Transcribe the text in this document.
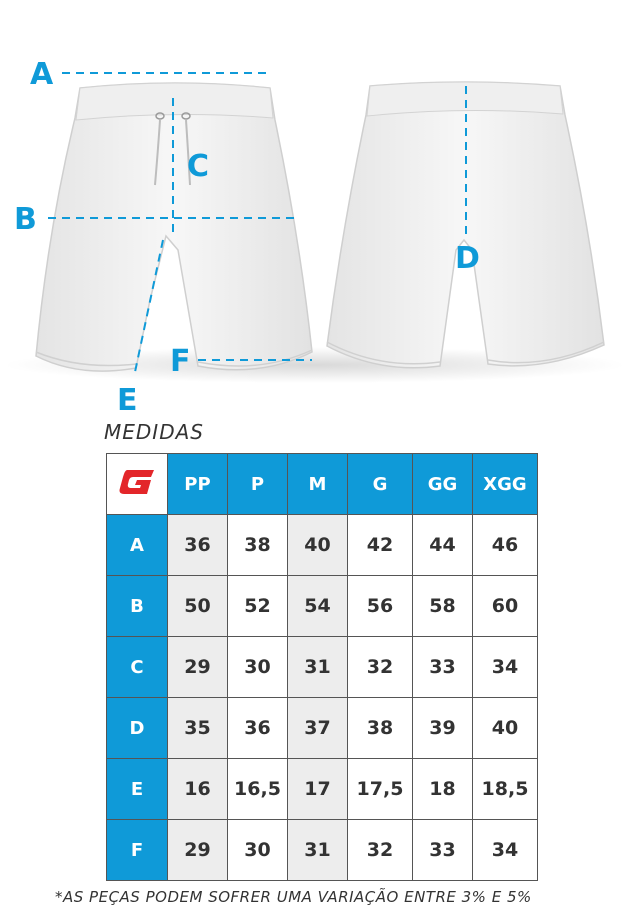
A
B
C
D
E
F
MEDIDAS
	PP	P	M	G	GG	XGG
A	36	38	40	42	44	46
B	50	52	54	56	58	60
C	29	30	31	32	33	34
D	35	36	37	38	39	40
E	16	16,5	17	17,5	18	18,5
F	29	30	31	32	33	34
*AS PEÇAS PODEM SOFRER UMA VARIAÇÃO ENTRE 3% E 5%
